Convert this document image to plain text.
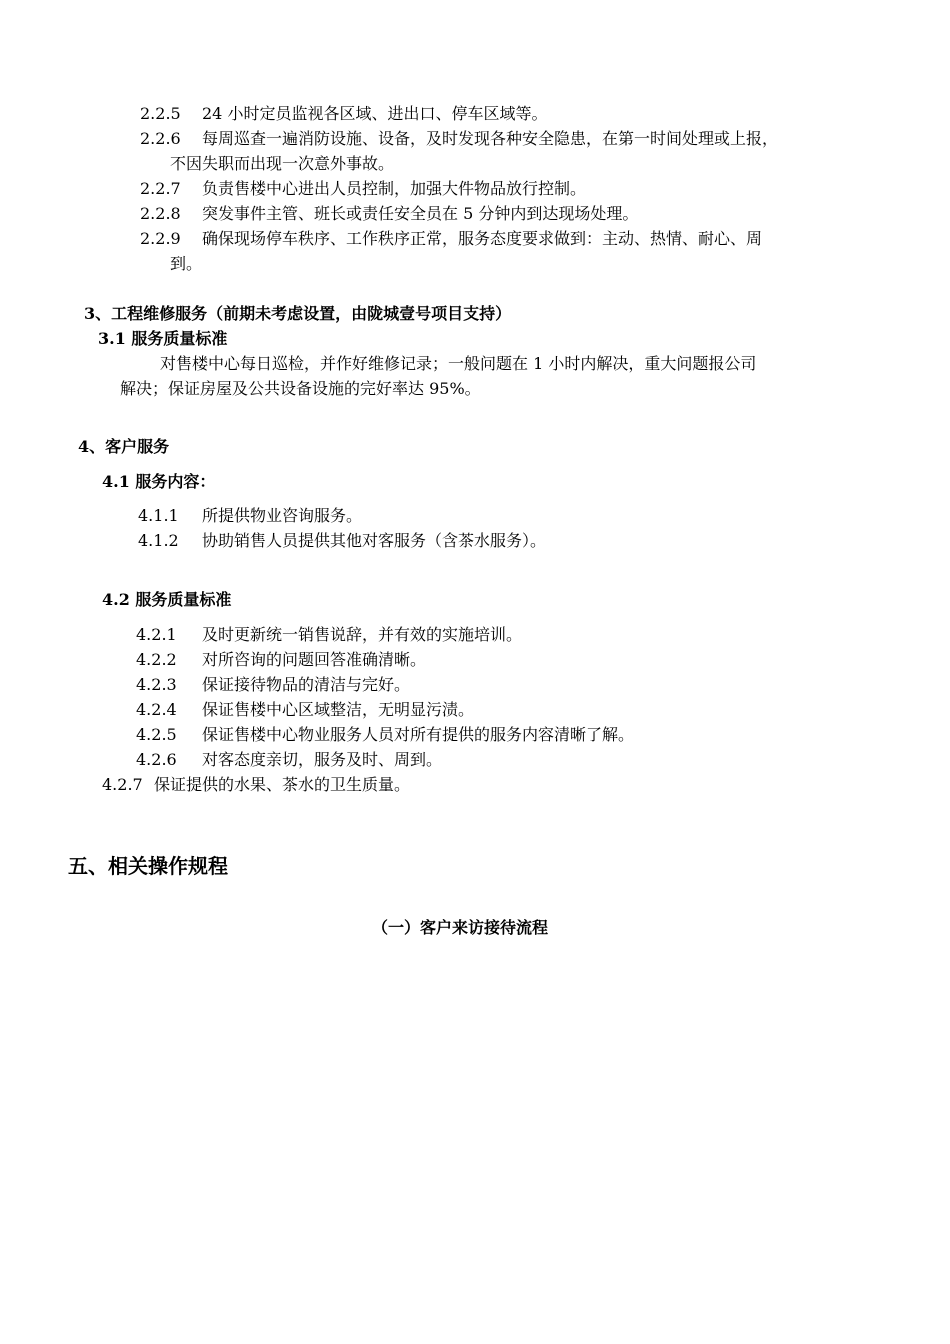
2.2.5 24 小时定员监视各区域、进出口、停车区域等。
2.2.6 每周巡查一遍消防设施、设备，及时发现各种安全隐患，在第一时间处理或上报，
不因失职而出现一次意外事故。
2.2.7 负责售楼中心进出人员控制，加强大件物品放行控制。
2.2.8 突发事件主管、班长或责任安全员在 5 分钟内到达现场处理。
2.2.9 确保现场停车秩序、工作秩序正常，服务态度要求做到：主动、热情、耐心、周
到。
3、工程维修服务（前期未考虑设置，由陇城壹号项目支持）
3.1 服务质量标准
对售楼中心每日巡检，并作好维修记录；一般问题在 1 小时内解决，重大问题报公司
解决；保证房屋及公共设备设施的完好率达 95%。
4、客户服务
4.1 服务内容：
4.1.1 所提供物业咨询服务。
4.1.2 协助销售人员提供其他对客服务（含茶水服务）。
4.2 服务质量标准
4.2.1 及时更新统一销售说辞，并有效的实施培训。
4.2.2 对所咨询的问题回答准确清晰。
4.2.3 保证接待物品的清洁与完好。
4.2.4 保证售楼中心区域整洁，无明显污渍。
4.2.5 保证售楼中心物业服务人员对所有提供的服务内容清晰了解。
4.2.6 对客态度亲切，服务及时、周到。
4.2.7 保证提供的水果、茶水的卫生质量。
五、相关操作规程
（一）客户来访接待流程
